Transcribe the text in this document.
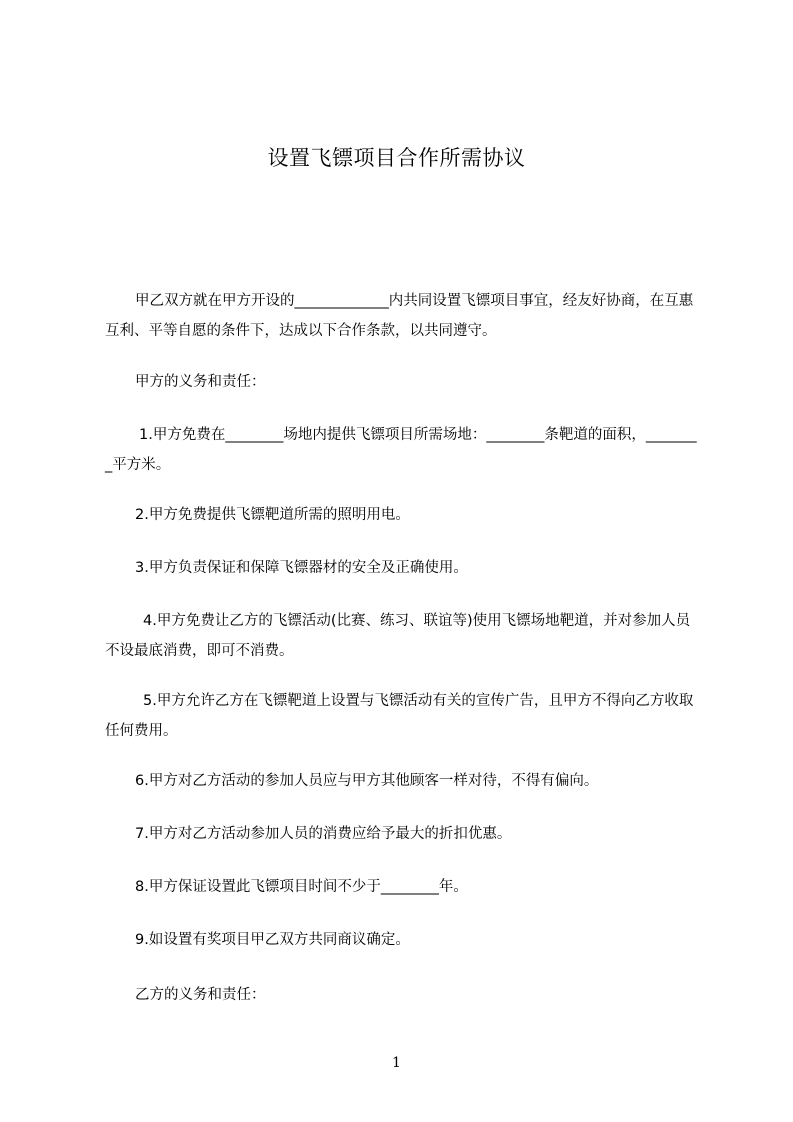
设置飞镖项目合作所需协议
甲乙双方就在甲方开设的_____________内共同设置飞镖项目事宜，经友好协商，在互惠互利、平等自愿的条件下，达成以下合作条款，以共同遵守。
甲方的义务和责任：
1.甲方免费在________场地内提供飞镖项目所需场地：________条靶道的面积，________平方米。
2.甲方免费提供飞镖靶道所需的照明用电。
3.甲方负责保证和保障飞镖器材的安全及正确使用。
4.甲方免费让乙方的飞镖活动(比赛、练习、联谊等)使用飞镖场地靶道，并对参加人员不设最底消费，即可不消费。
5.甲方允许乙方在飞镖靶道上设置与飞镖活动有关的宣传广告，且甲方不得向乙方收取任何费用。
6.甲方对乙方活动的参加人员应与甲方其他顾客一样对待，不得有偏向。
7.甲方对乙方活动参加人员的消费应给予最大的折扣优惠。
8.甲方保证设置此飞镖项目时间不少于________年。
9.如设置有奖项目甲乙双方共同商议确定。
乙方的义务和责任：
1
